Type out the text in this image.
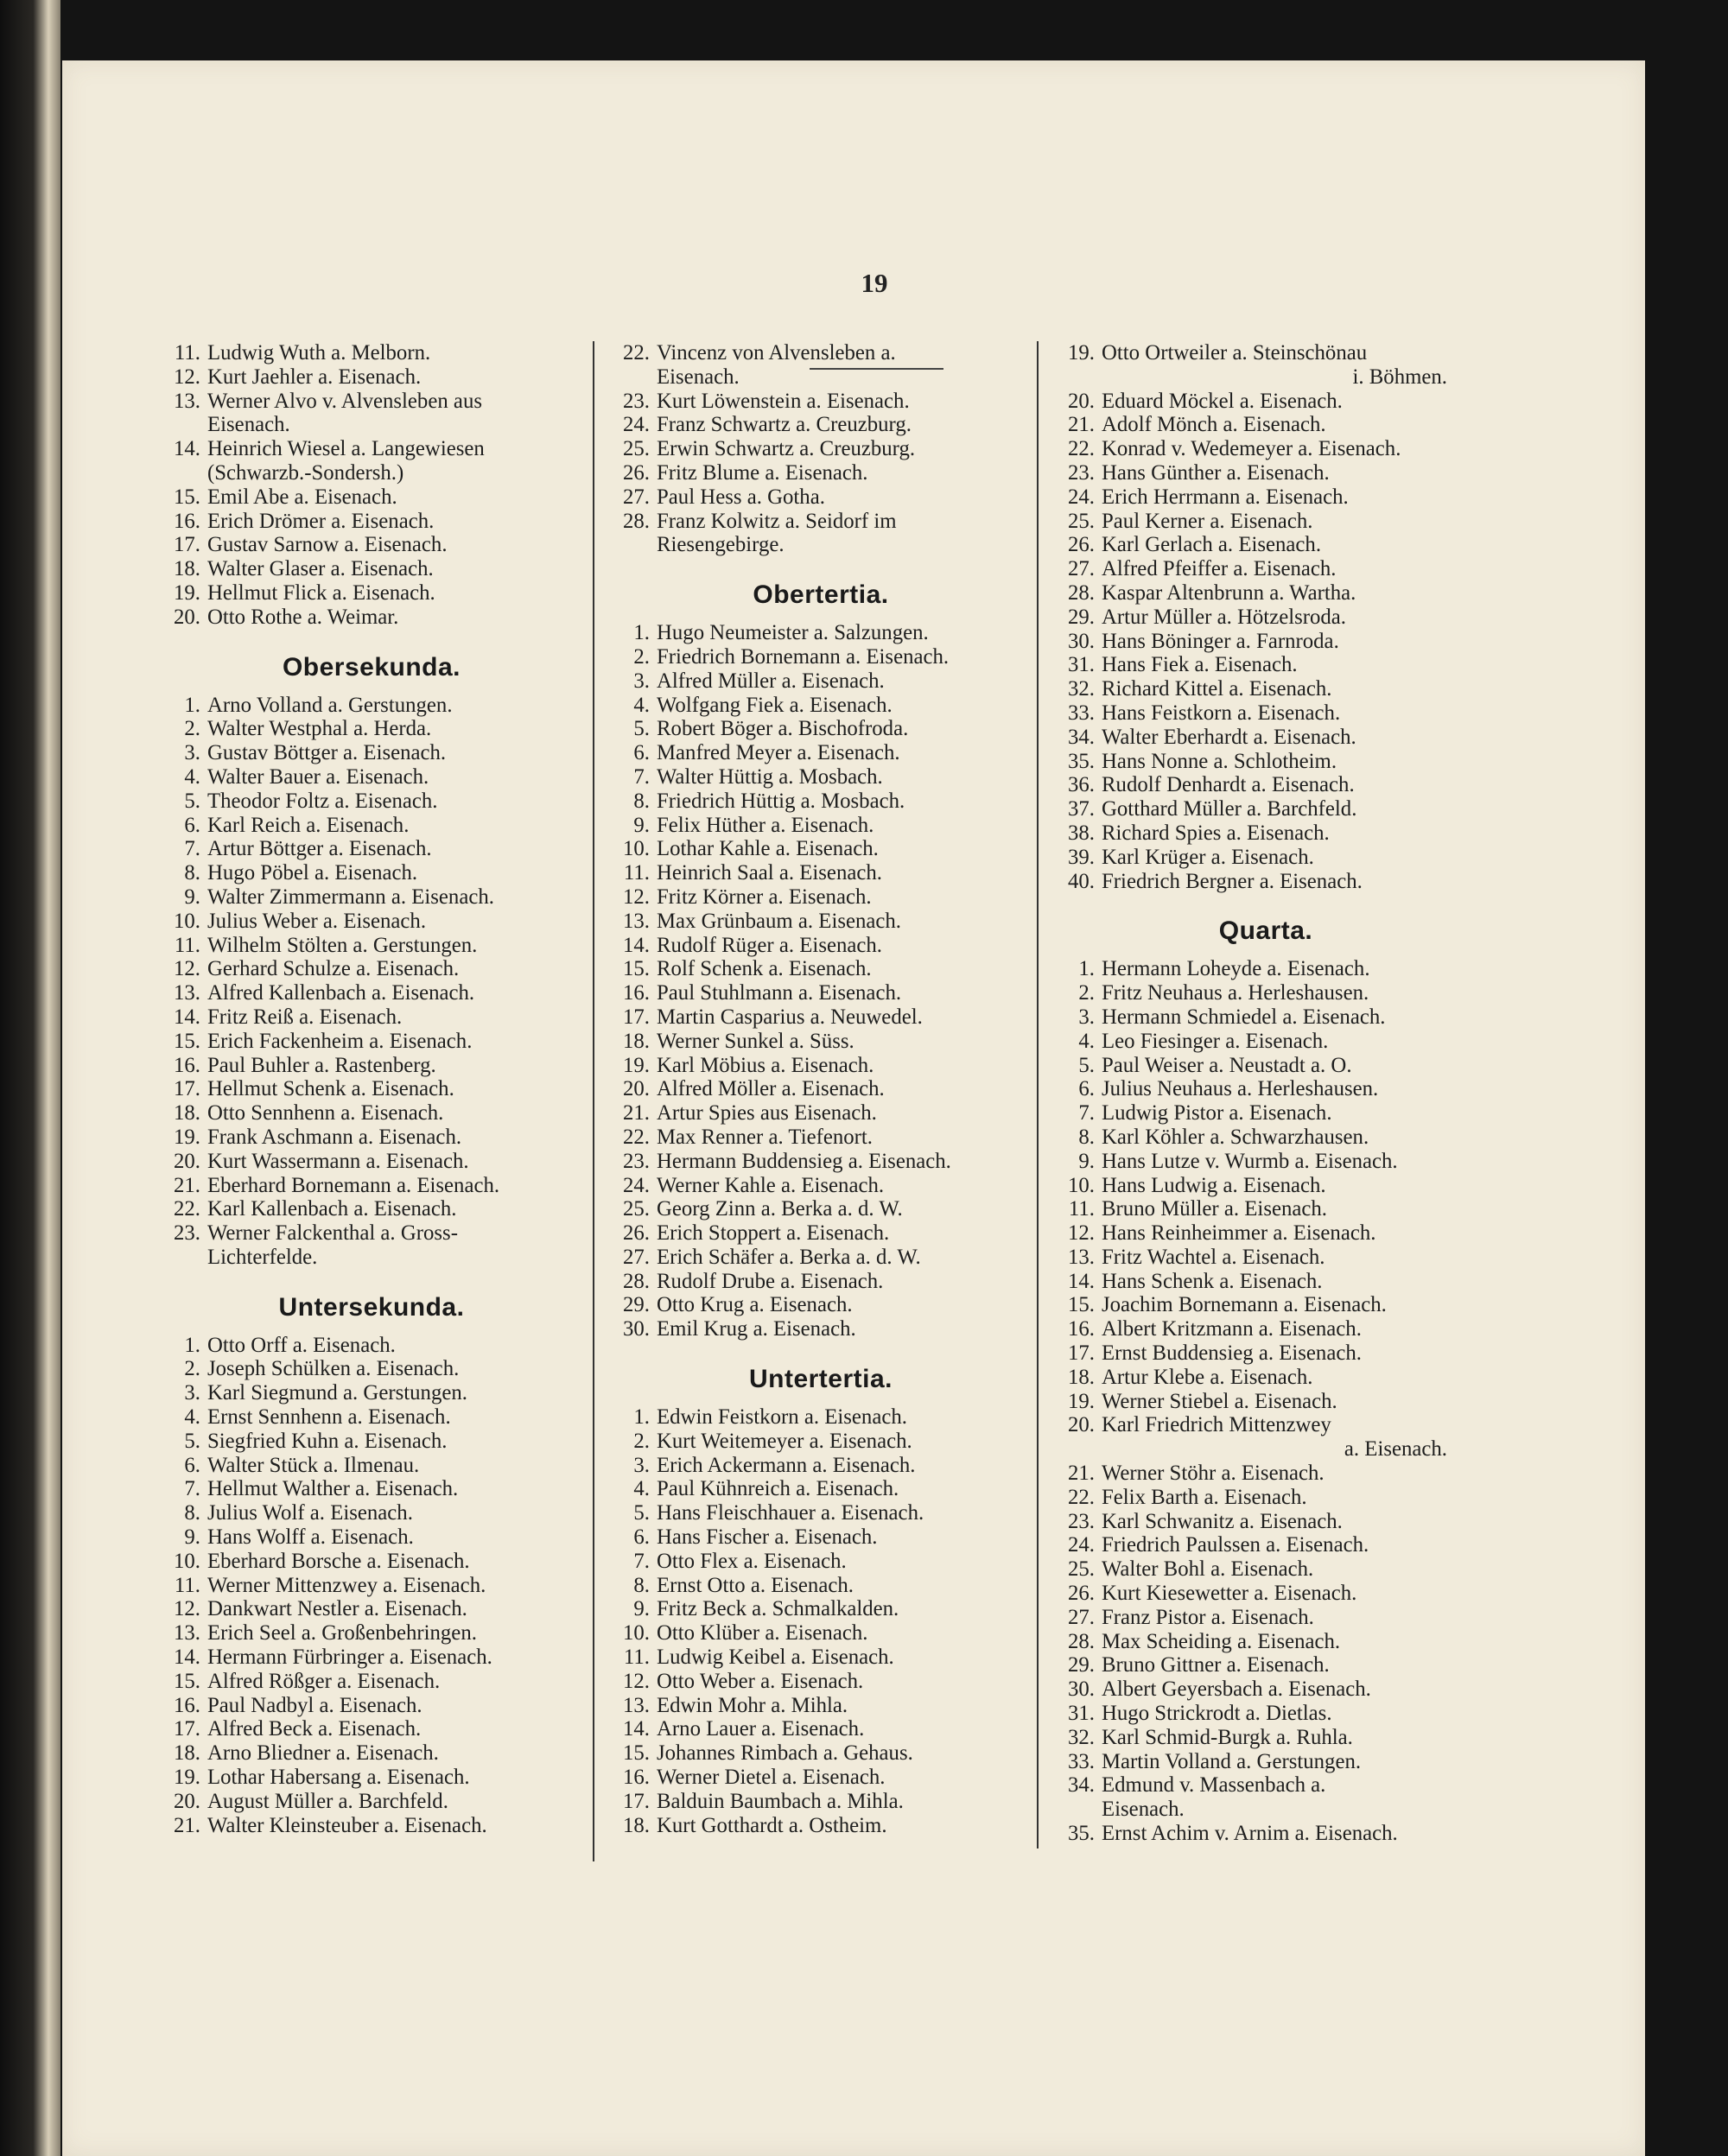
19
11. Ludwig Wuth a. Melborn.
12. Kurt Jaehler a. Eisenach.
13. Werner Alvo v. Alvensleben aus
Eisenach.
14. Heinrich Wiesel a. Langewiesen
(Schwarzb.-Sondersh.)
15. Emil Abe a. Eisenach.
16. Erich Drömer a. Eisenach.
17. Gustav Sarnow a. Eisenach.
18. Walter Glaser a. Eisenach.
19. Hellmut Flick a. Eisenach.
20. Otto Rothe a. Weimar.
Obersekunda.
1. Arno Volland a. Gerstungen.
2. Walter Westphal a. Herda.
3. Gustav Böttger a. Eisenach.
4. Walter Bauer a. Eisenach.
5. Theodor Foltz a. Eisenach.
6. Karl Reich a. Eisenach.
7. Artur Böttger a. Eisenach.
8. Hugo Pöbel a. Eisenach.
9. Walter Zimmermann a. Eisenach.
10. Julius Weber a. Eisenach.
11. Wilhelm Stölten a. Gerstungen.
12. Gerhard Schulze a. Eisenach.
13. Alfred Kallenbach a. Eisenach.
14. Fritz Reiß a. Eisenach.
15. Erich Fackenheim a. Eisenach.
16. Paul Buhler a. Rastenberg.
17. Hellmut Schenk a. Eisenach.
18. Otto Sennhenn a. Eisenach.
19. Frank Aschmann a. Eisenach.
20. Kurt Wassermann a. Eisenach.
21. Eberhard Bornemann a. Eisenach.
22. Karl Kallenbach a. Eisenach.
23. Werner Falckenthal a. Gross-
Lichterfelde.
Untersekunda.
1. Otto Orff a. Eisenach.
2. Joseph Schülken a. Eisenach.
3. Karl Siegmund a. Gerstungen.
4. Ernst Sennhenn a. Eisenach.
5. Siegfried Kuhn a. Eisenach.
6. Walter Stück a. Ilmenau.
7. Hellmut Walther a. Eisenach.
8. Julius Wolf a. Eisenach.
9. Hans Wolff a. Eisenach.
10. Eberhard Borsche a. Eisenach.
11. Werner Mittenzwey a. Eisenach.
12. Dankwart Nestler a. Eisenach.
13. Erich Seel a. Großenbehringen.
14. Hermann Fürbringer a. Eisenach.
15. Alfred Rößger a. Eisenach.
16. Paul Nadbyl a. Eisenach.
17. Alfred Beck a. Eisenach.
18. Arno Bliedner a. Eisenach.
19. Lothar Habersang a. Eisenach.
20. August Müller a. Barchfeld.
21. Walter Kleinsteuber a. Eisenach.
22. Vincenz von Alvensleben a.
Eisenach.
23. Kurt Löwenstein a. Eisenach.
24. Franz Schwartz a. Creuzburg.
25. Erwin Schwartz a. Creuzburg.
26. Fritz Blume a. Eisenach.
27. Paul Hess a. Gotha.
28. Franz Kolwitz a. Seidorf im
Riesengebirge.
Obertertia.
1. Hugo Neumeister a. Salzungen.
2. Friedrich Bornemann a. Eisenach.
3. Alfred Müller a. Eisenach.
4. Wolfgang Fiek a. Eisenach.
5. Robert Böger a. Bischofroda.
6. Manfred Meyer a. Eisenach.
7. Walter Hüttig a. Mosbach.
8. Friedrich Hüttig a. Mosbach.
9. Felix Hüther a. Eisenach.
10. Lothar Kahle a. Eisenach.
11. Heinrich Saal a. Eisenach.
12. Fritz Körner a. Eisenach.
13. Max Grünbaum a. Eisenach.
14. Rudolf Rüger a. Eisenach.
15. Rolf Schenk a. Eisenach.
16. Paul Stuhlmann a. Eisenach.
17. Martin Casparius a. Neuwedel.
18. Werner Sunkel a. Süss.
19. Karl Möbius a. Eisenach.
20. Alfred Möller a. Eisenach.
21. Artur Spies aus Eisenach.
22. Max Renner a. Tiefenort.
23. Hermann Buddensieg a. Eisenach.
24. Werner Kahle a. Eisenach.
25. Georg Zinn a. Berka a. d. W.
26. Erich Stoppert a. Eisenach.
27. Erich Schäfer a. Berka a. d. W.
28. Rudolf Drube a. Eisenach.
29. Otto Krug a. Eisenach.
30. Emil Krug a. Eisenach.
Untertertia.
1. Edwin Feistkorn a. Eisenach.
2. Kurt Weitemeyer a. Eisenach.
3. Erich Ackermann a. Eisenach.
4. Paul Kühnreich a. Eisenach.
5. Hans Fleischhauer a. Eisenach.
6. Hans Fischer a. Eisenach.
7. Otto Flex a. Eisenach.
8. Ernst Otto a. Eisenach.
9. Fritz Beck a. Schmalkalden.
10. Otto Klüber a. Eisenach.
11. Ludwig Keibel a. Eisenach.
12. Otto Weber a. Eisenach.
13. Edwin Mohr a. Mihla.
14. Arno Lauer a. Eisenach.
15. Johannes Rimbach a. Gehaus.
16. Werner Dietel a. Eisenach.
17. Balduin Baumbach a. Mihla.
18. Kurt Gotthardt a. Ostheim.
19. Otto Ortweiler a. Steinschönau
i. Böhmen.
20. Eduard Möckel a. Eisenach.
21. Adolf Mönch a. Eisenach.
22. Konrad v. Wedemeyer a. Eisenach.
23. Hans Günther a. Eisenach.
24. Erich Herrmann a. Eisenach.
25. Paul Kerner a. Eisenach.
26. Karl Gerlach a. Eisenach.
27. Alfred Pfeiffer a. Eisenach.
28. Kaspar Altenbrunn a. Wartha.
29. Artur Müller a. Hötzelsroda.
30. Hans Böninger a. Farnroda.
31. Hans Fiek a. Eisenach.
32. Richard Kittel a. Eisenach.
33. Hans Feistkorn a. Eisenach.
34. Walter Eberhardt a. Eisenach.
35. Hans Nonne a. Schlotheim.
36. Rudolf Denhardt a. Eisenach.
37. Gotthard Müller a. Barchfeld.
38. Richard Spies a. Eisenach.
39. Karl Krüger a. Eisenach.
40. Friedrich Bergner a. Eisenach.
Quarta.
1. Hermann Loheyde a. Eisenach.
2. Fritz Neuhaus a. Herleshausen.
3. Hermann Schmiedel a. Eisenach.
4. Leo Fiesinger a. Eisenach.
5. Paul Weiser a. Neustadt a. O.
6. Julius Neuhaus a. Herleshausen.
7. Ludwig Pistor a. Eisenach.
8. Karl Köhler a. Schwarzhausen.
9. Hans Lutze v. Wurmb a. Eisenach.
10. Hans Ludwig a. Eisenach.
11. Bruno Müller a. Eisenach.
12. Hans Reinheimmer a. Eisenach.
13. Fritz Wachtel a. Eisenach.
14. Hans Schenk a. Eisenach.
15. Joachim Bornemann a. Eisenach.
16. Albert Kritzmann a. Eisenach.
17. Ernst Buddensieg a. Eisenach.
18. Artur Klebe a. Eisenach.
19. Werner Stiebel a. Eisenach.
20. Karl Friedrich Mittenzwey
a. Eisenach.
21. Werner Stöhr a. Eisenach.
22. Felix Barth a. Eisenach.
23. Karl Schwanitz a. Eisenach.
24. Friedrich Paulssen a. Eisenach.
25. Walter Bohl a. Eisenach.
26. Kurt Kiesewetter a. Eisenach.
27. Franz Pistor a. Eisenach.
28. Max Scheiding a. Eisenach.
29. Bruno Gittner a. Eisenach.
30. Albert Geyersbach a. Eisenach.
31. Hugo Strickrodt a. Dietlas.
32. Karl Schmid-Burgk a. Ruhla.
33. Martin Volland a. Gerstungen.
34. Edmund v. Massenbach a.
Eisenach.
35. Ernst Achim v. Arnim a. Eisenach.
